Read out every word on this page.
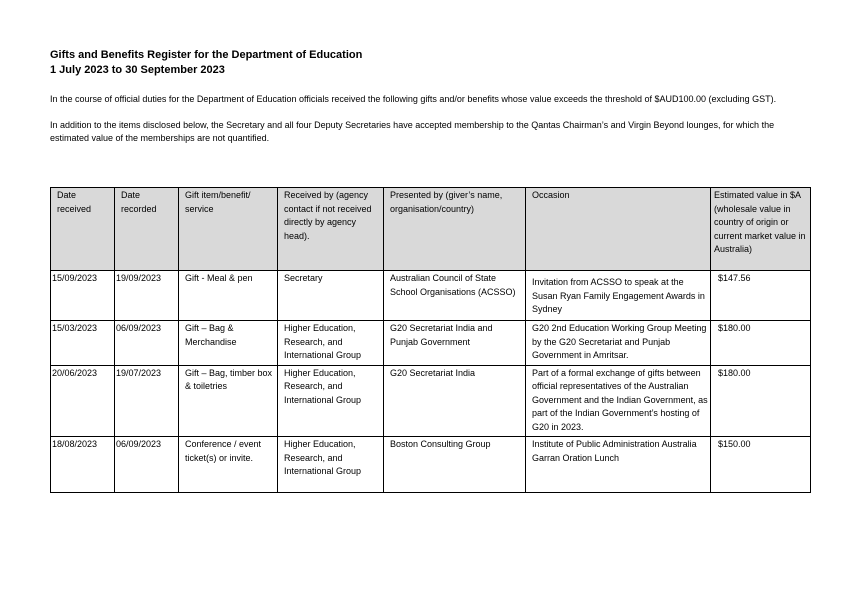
Gifts and Benefits Register for the Department of Education
1 July 2023 to 30 September 2023
In the course of official duties for the Department of Education officials received the following gifts and/or benefits whose value exceeds the threshold of $AUD100.00 (excluding GST).
In addition to the items disclosed below, the Secretary and all four Deputy Secretaries have accepted membership to the Qantas Chairman’s and Virgin Beyond lounges, for which the estimated value of the memberships are not quantified.
Date received	Date recorded	Gift item/benefit/ service	Received by (agency contact if not received directly by agency head).	Presented by (giver’s name, organisation/country)	Occasion	Estimated value in $A (wholesale value in country of origin or current market value in Australia)
15/09/2023	19/09/2023	Gift - Meal & pen	Secretary	Australian Council of State School Organisations (ACSSO)	Invitation from ACSSO to speak at the Susan Ryan Family Engagement Awards in Sydney	$147.56
15/03/2023	06/09/2023	Gift – Bag & Merchandise	Higher Education, Research, and International Group	G20 Secretariat India and Punjab Government	G20 2nd Education Working Group Meeting by the G20 Secretariat and Punjab Government in Amritsar.	$180.00
20/06/2023	19/07/2023	Gift – Bag, timber box & toiletries	Higher Education, Research, and International Group	G20 Secretariat India	Part of a formal exchange of gifts between official representatives of the Australian Government and the Indian Government, as part of the Indian Government’s hosting of G20 in 2023.	$180.00
18/08/2023	06/09/2023	Conference / event ticket(s) or invite.	Higher Education, Research, and International Group	Boston Consulting Group	Institute of Public Administration Australia Garran Oration Lunch	$150.00
